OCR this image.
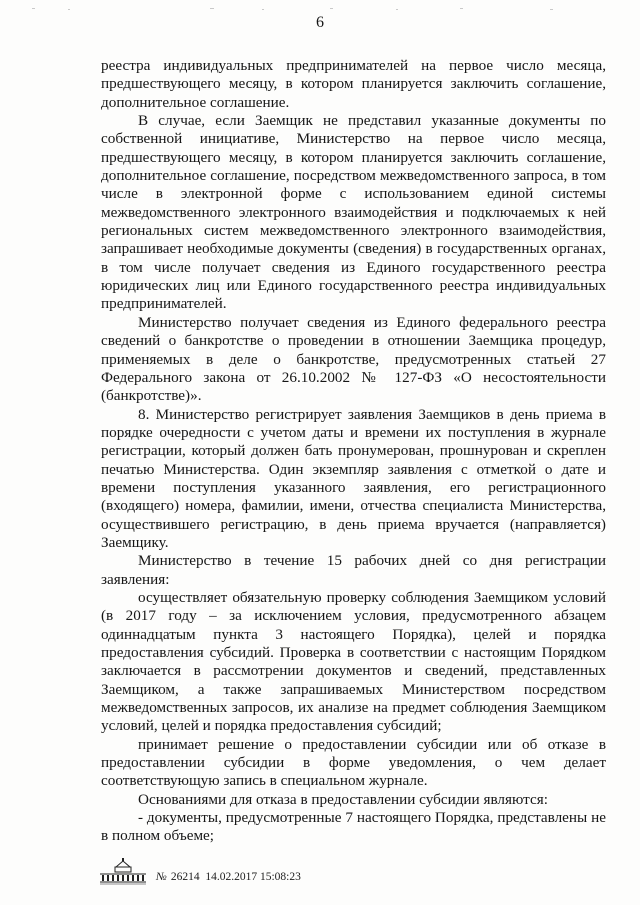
6

реестра индивидуальных предпринимателей на первое число месяца, предшествующего месяцу, в котором планируется заключить соглашение, дополнительное соглашение.

В случае, если Заемщик не представил указанные документы по собственной инициативе, Министерство на первое число месяца, предшествующего месяцу, в котором планируется заключить соглашение, дополнительное соглашение, посредством межведомственного запроса, в том числе в электронной форме с использованием единой системы межведомственного электронного взаимодействия и подключаемых к ней региональных систем межведомственного электронного взаимодействия, запрашивает необходимые документы (сведения) в государственных органах, в том числе получает сведения из Единого государственного реестра юридических лиц или Единого государственного реестра индивидуальных предпринимателей.

Министерство получает сведения из Единого федерального реестра сведений о банкротстве о проведении в отношении Заемщика процедур, применяемых в деле о банкротстве, предусмотренных статьей 27 Федерального закона от 26.10.2002 № 127-ФЗ «О несостоятельности (банкротстве)».

8. Министерство регистрирует заявления Заемщиков в день приема в порядке очередности с учетом даты и времени их поступления в журнале регистрации, который должен бать пронумерован, прошнурован и скреплен печатью Министерства. Один экземпляр заявления с отметкой о дате и времени поступления указанного заявления, его регистрационного (входящего) номера, фамилии, имени, отчества специалиста Министерства, осуществившего регистрацию, в день приема вручается (направляется) Заемщику.

Министерство в течение 15 рабочих дней со дня регистрации заявления:

осуществляет обязательную проверку соблюдения Заемщиком условий (в 2017 году – за исключением условия, предусмотренного абзацем одиннадцатым пункта 3 настоящего Порядка), целей и порядка предоставления субсидий. Проверка в соответствии с настоящим Порядком заключается в рассмотрении документов и сведений, представленных Заемщиком, а также запрашиваемых Министерством посредством межведомственных запросов, их анализе на предмет соблюдения Заемщиком условий, целей и порядка предоставления субсидий;

принимает решение о предоставлении субсидии или об отказе в предоставлении субсидии в форме уведомления, о чем делает соответствующую запись в специальном журнале.

Основаниями для отказа в предоставлении субсидии являются:

- документы, предусмотренные 7 настоящего Порядка, представлены не в полном объеме;

№ 26214 14.02.2017 15:08:23
